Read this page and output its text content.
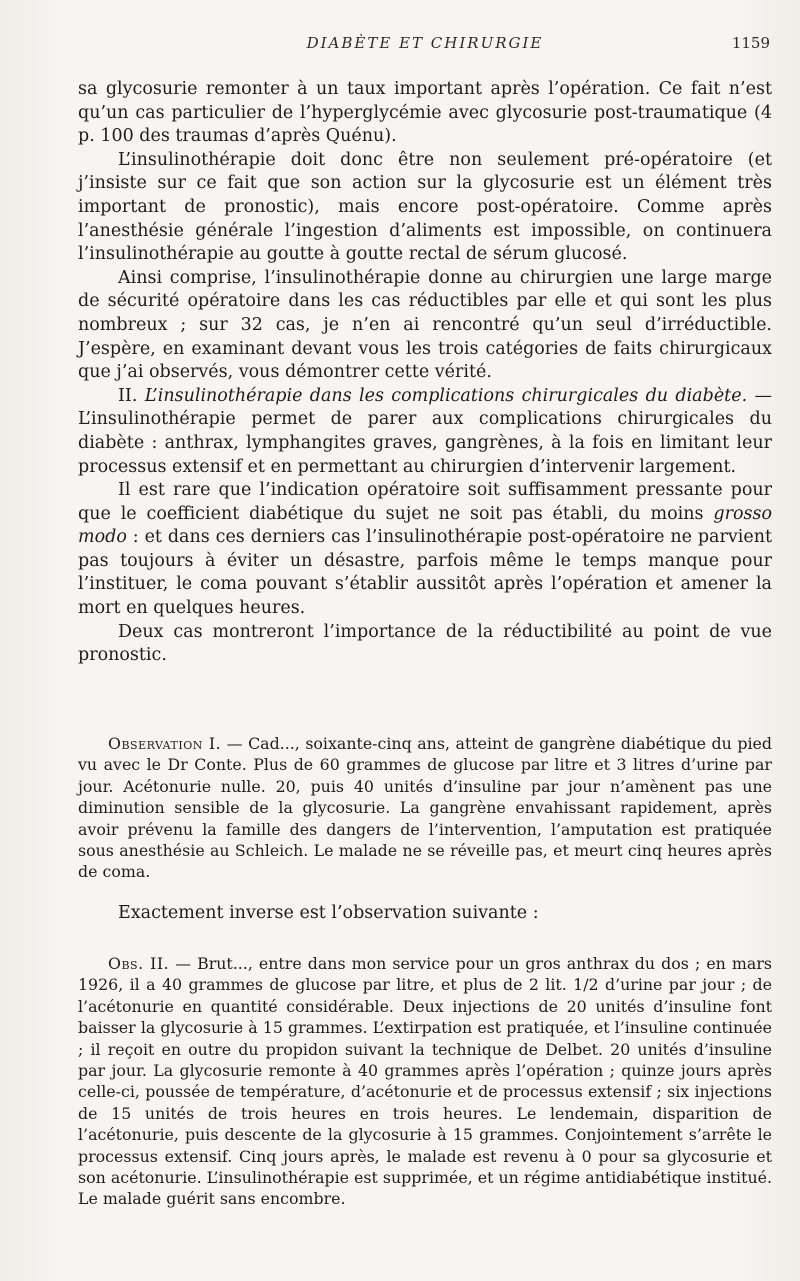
DIABÈTE ET CHIRURGIE	1159

sa glycosurie remonter à un taux important après l’opération. Ce fait n’est qu’un cas particulier de l’hyperglycémie avec glycosurie post-traumatique (4 p. 100 des traumas d’après Quénu).

L’insulinothérapie doit donc être non seulement pré-opératoire (et j’insiste sur ce fait que son action sur la glycosurie est un élément très important de pronostic), mais encore post-opératoire. Comme après l’anesthésie générale l’ingestion d’aliments est impossible, on continuera l’insulinothérapie au goutte à goutte rectal de sérum glucosé.

Ainsi comprise, l’insulinothérapie donne au chirurgien une large marge de sécurité opératoire dans les cas réductibles par elle et qui sont les plus nombreux ; sur 32 cas, je n’en ai rencontré qu’un seul d’irréductible. J’espère, en examinant devant vous les trois catégories de faits chirurgicaux que j’ai observés, vous démontrer cette vérité.

II. L’insulinothérapie dans les complications chirurgicales du diabète. — L’insulinothérapie permet de parer aux complications chirurgicales du diabète : anthrax, lymphangites graves, gangrènes, à la fois en limitant leur processus extensif et en permettant au chirurgien d’intervenir largement.

Il est rare que l’indication opératoire soit suffisamment pressante pour que le coefficient diabétique du sujet ne soit pas établi, du moins grosso modo : et dans ces derniers cas l’insulinothérapie post-opératoire ne parvient pas toujours à éviter un désastre, parfois même le temps manque pour l’instituer, le coma pouvant s’établir aussitôt après l’opération et amener la mort en quelques heures.

Deux cas montreront l’importance de la réductibilité au point de vue pronostic.

Observation I. — Cad..., soixante-cinq ans, atteint de gangrène diabétique du pied vu avec le Dr Conte. Plus de 60 grammes de glucose par litre et 3 litres d’urine par jour. Acétonurie nulle. 20, puis 40 unités d’insuline par jour n’amènent pas une diminution sensible de la glycosurie. La gangrène envahissant rapidement, après avoir prévenu la famille des dangers de l’intervention, l’amputation est pratiquée sous anesthésie au Schleich. Le malade ne se réveille pas, et meurt cinq heures après de coma.

Exactement inverse est l’observation suivante :

Obs. II. — Brut..., entre dans mon service pour un gros anthrax du dos ; en mars 1926, il a 40 grammes de glucose par litre, et plus de 2 lit. 1/2 d’urine par jour ; de l’acétonurie en quantité considérable. Deux injections de 20 unités d’insuline font baisser la glycosurie à 15 grammes. L’extirpation est pratiquée, et l’insuline continuée ; il reçoit en outre du propidon suivant la technique de Delbet. 20 unités d’insuline par jour. La glycosurie remonte à 40 grammes après l’opération ; quinze jours après celle-ci, poussée de température, d’acétonurie et de processus extensif ; six injections de 15 unités de trois heures en trois heures. Le lendemain, disparition de l’acétonurie, puis descente de la glycosurie à 15 grammes. Conjointement s’arrête le processus extensif. Cinq jours après, le malade est revenu à 0 pour sa glycosurie et son acétonurie. L’insulinothérapie est supprimée, et un régime antidiabétique institué. Le malade guérit sans encombre.
